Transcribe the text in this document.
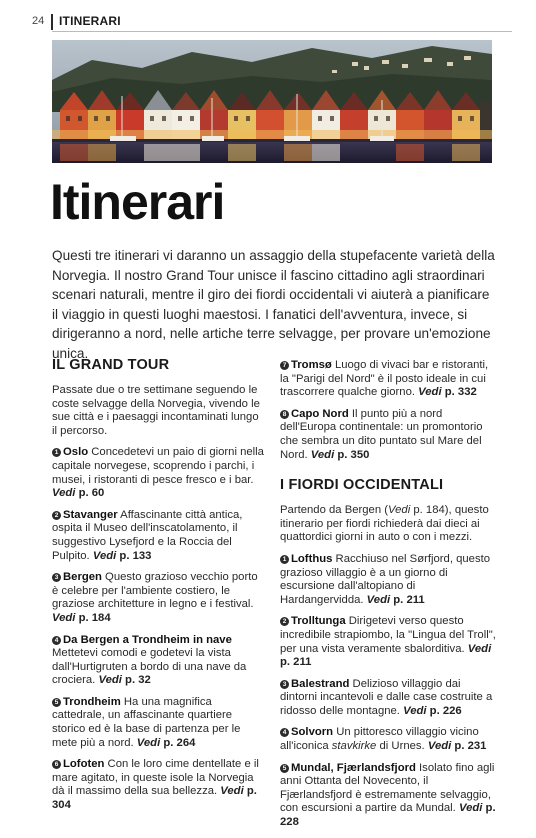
24 ITINERARI
Itinerari
Questi tre itinerari vi daranno un assaggio della stupefacente varietà della Norvegia. Il nostro Grand Tour unisce il fascino cittadino agli straordinari scenari naturali, mentre il giro dei fiordi occidentali vi aiuterà a pianificare il viaggio in questi luoghi maestosi. I fanatici dell'avventura, invece, si dirigeranno a nord, nelle artiche terre selvagge, per provare un'emozione unica.
IL GRAND TOUR

Passate due o tre settimane seguendo le coste selvagge della Norvegia, vivendo le sue città e i paesaggi incontaminati lungo il percorso.

1 Oslo Concedetevi un paio di giorni nella capitale norvegese, scoprendo i parchi, i musei, i ristoranti di pesce fresco e i bar. Vedi p. 60

2 Stavanger Affascinante città antica, ospita il Museo dell'inscatolamento, il suggestivo Lysefjord e la Roccia del Pulpito. Vedi p. 133

3 Bergen Questo grazioso vecchio porto è celebre per l'ambiente costiero, le graziose architetture in legno e i festival. Vedi p. 184

4 Da Bergen a Trondheim in nave Mettetevi comodi e godetevi la vista dall'Hurtigruten a bordo di una nave da crociera. Vedi p. 32

5 Trondheim Ha una magnifica cattedrale, un affascinante quartiere storico ed è la base di partenza per le mete più a nord. Vedi p. 264

6 Lofoten Con le loro cime dentellate e il mare agitato, in queste isole la Norvegia dà il massimo della sua bellezza. Vedi p. 304

7 Tromsø Luogo di vivaci bar e ristoranti, la "Parigi del Nord" è il posto ideale in cui trascorrere qualche giorno. Vedi p. 332

8 Capo Nord Il punto più a nord dell'Europa continentale: un promontorio che sembra un dito puntato sul Mare del Nord. Vedi p. 350

I FIORDI OCCIDENTALI

Partendo da Bergen (Vedi p. 184), questo itinerario per fiordi richiederà dai dieci ai quattordici giorni in auto o con i mezzi.

1 Lofthus Racchiuso nel Sørfjord, questo grazioso villaggio è a un giorno di escursione dall'altopiano di Hardangervidda. Vedi p. 211

2 Trolltunga Dirigetevi verso questo incredibile strapiombo, la "Lingua del Troll", per una vista veramente sbalorditiva. Vedi p. 211

3 Balestrand Delizioso villaggio dai dintorni incantevoli e dalle case costruite a ridosso delle montagne. Vedi p. 226

4 Solvorn Un pittoresco villaggio vicino all'iconica stavkirke di Urnes. Vedi p. 231

5 Mundal, Fjærlandsfjord Isolato fino agli anni Ottanta del Novecento, il Fjærlandsfjord è estremamente selvaggio, con escursioni a partire da Mundal. Vedi p. 228
